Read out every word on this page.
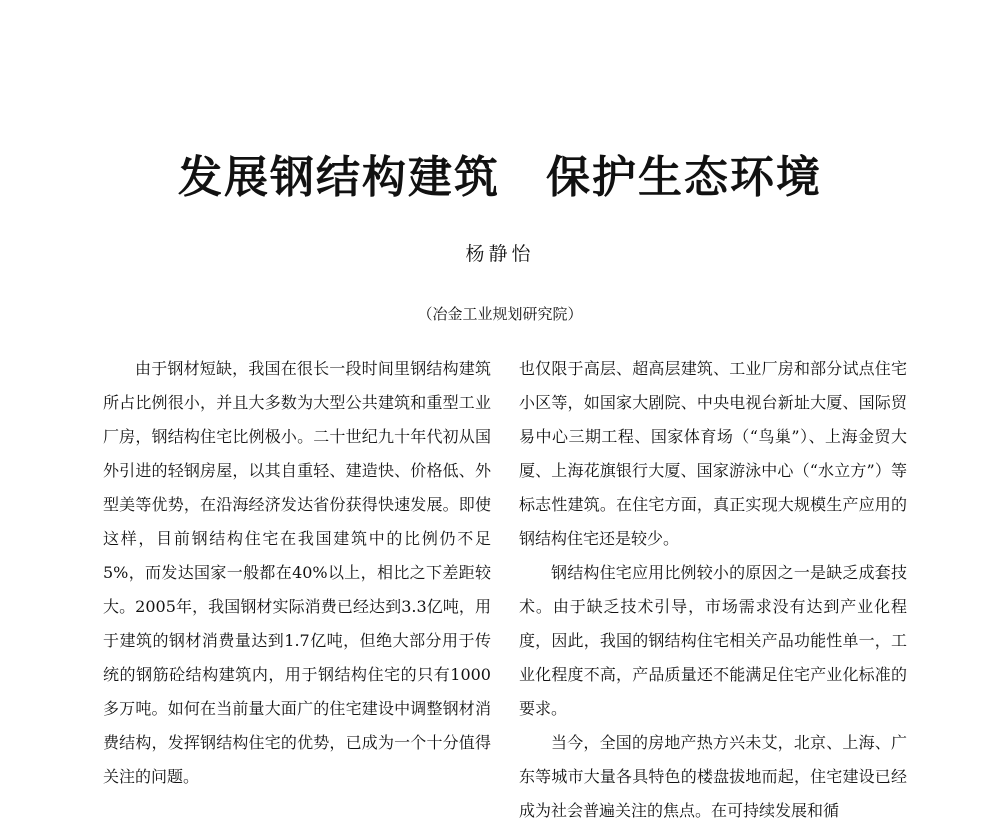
发展钢结构建筑　保护生态环境
杨静怡
（冶金工业规划研究院）

由于钢材短缺，我国在很长一段时间里钢结构建筑所占比例很小，并且大多数为大型公共建筑和重型工业厂房，钢结构住宅比例极小。二十世纪九十年代初从国外引进的轻钢房屋，以其自重轻、建造快、价格低、外型美等优势，在沿海经济发达省份获得快速发展。即使这样，目前钢结构住宅在我国建筑中的比例仍不足5%，而发达国家一般都在40%以上，相比之下差距较大。2005年，我国钢材实际消费已经达到3.3亿吨，用于建筑的钢材消费量达到1.7亿吨，但绝大部分用于传统的钢筋砼结构建筑内，用于钢结构住宅的只有1000多万吨。如何在当前量大面广的住宅建设中调整钢材消费结构，发挥钢结构住宅的优势，已成为一个十分值得关注的问题。

也仅限于高层、超高层建筑、工业厂房和部分试点住宅小区等，如国家大剧院、中央电视台新址大厦、国际贸易中心三期工程、国家体育场（“鸟巢”）、上海金贸大厦、上海花旗银行大厦、国家游泳中心（“水立方”）等标志性建筑。在住宅方面，真正实现大规模生产应用的钢结构住宅还是较少。

钢结构住宅应用比例较小的原因之一是缺乏成套技术。由于缺乏技术引导，市场需求没有达到产业化程度，因此，我国的钢结构住宅相关产品功能性单一，工业化程度不高，产品质量还不能满足住宅产业化标准的要求。

当今，全国的房地产热方兴未艾，北京、上海、广东等城市大量各具特色的楼盘拔地而起，住宅建设已经成为社会普遍关注的焦点。在可持续发展和循
